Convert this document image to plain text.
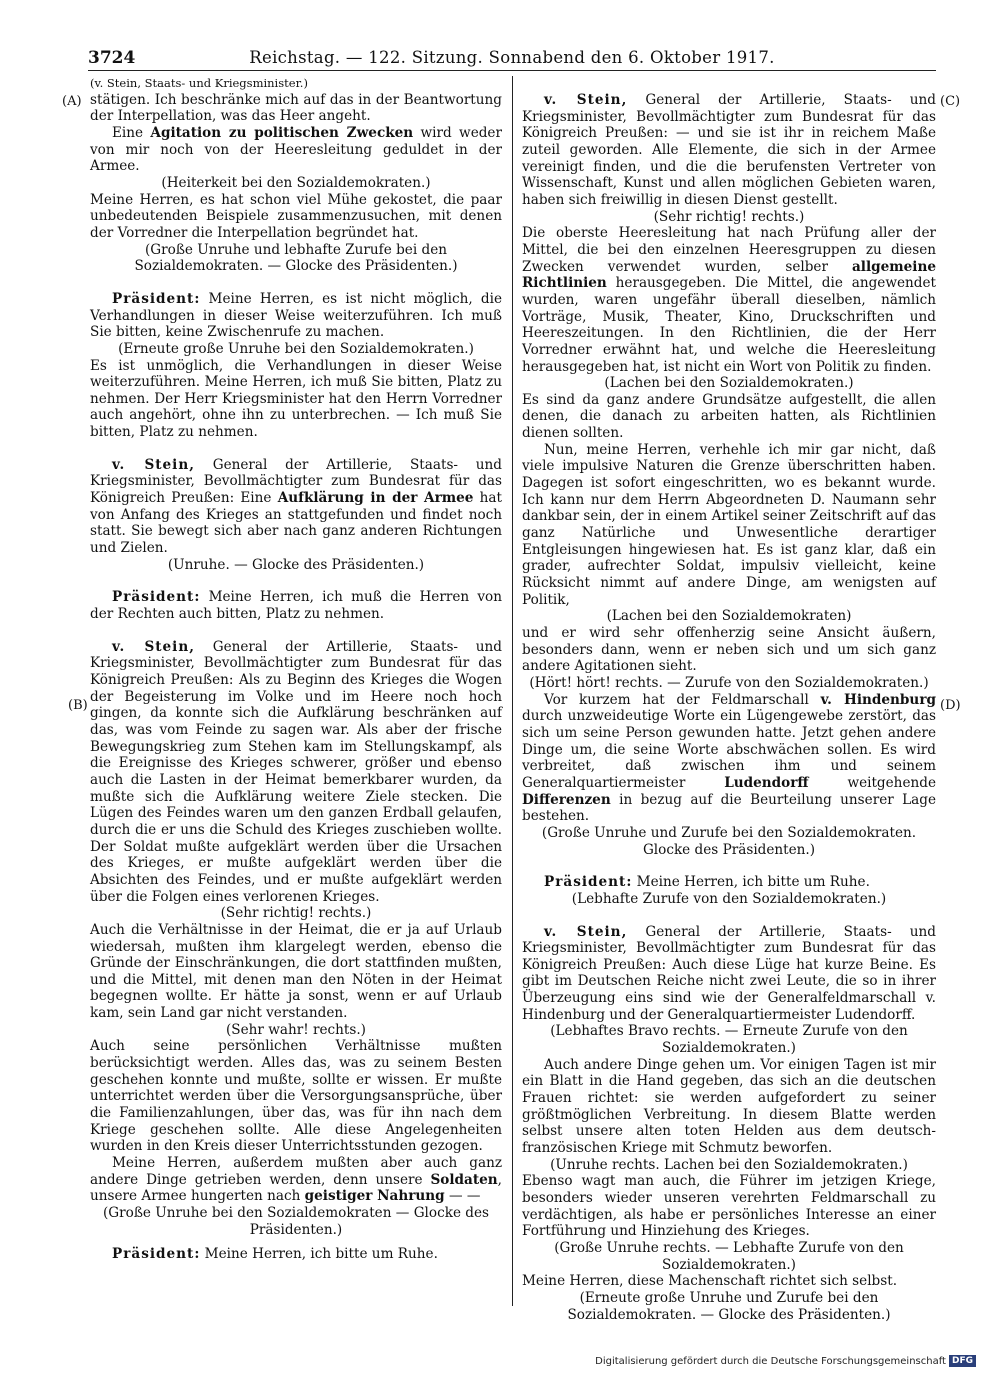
3724	Reichstag. — 122. Sitzung. Sonnabend den 6. Oktober 1917.
(A)
(B)
(C)
(D)

(v. Stein, Staats- und Kriegsminister.)

stätigen. Ich beschränke mich auf das in der Beantwortung der Interpellation, was das Heer angeht.

Eine Agitation zu politischen Zwecken wird weder von mir noch von der Heeresleitung geduldet in der Armee.

(Heiterkeit bei den Sozialdemokraten.)

Meine Herren, es hat schon viel Mühe gekostet, die paar unbedeutenden Beispiele zusammenzusuchen, mit denen der Vorredner die Interpellation begründet hat.

(Große Unruhe und lebhafte Zurufe bei den Sozialdemokraten. — Glocke des Präsidenten.)

Präsident: Meine Herren, es ist nicht möglich, die Verhandlungen in dieser Weise weiterzuführen. Ich muß Sie bitten, keine Zwischenrufe zu machen.

(Erneute große Unruhe bei den Sozialdemokraten.)

Es ist unmöglich, die Verhandlungen in dieser Weise weiterzuführen. Meine Herren, ich muß Sie bitten, Platz zu nehmen. Der Herr Kriegsminister hat den Herrn Vorredner auch angehört, ohne ihn zu unterbrechen. — Ich muß Sie bitten, Platz zu nehmen.

v. Stein, General der Artillerie, Staats- und Kriegsminister, Bevollmächtigter zum Bundesrat für das Königreich Preußen: Eine Aufklärung in der Armee hat von Anfang des Krieges an stattgefunden und findet noch statt. Sie bewegt sich aber nach ganz anderen Richtungen und Zielen.

(Unruhe. — Glocke des Präsidenten.)

Präsident: Meine Herren, ich muß die Herren von der Rechten auch bitten, Platz zu nehmen.

v. Stein, General der Artillerie, Staats- und Kriegsminister, Bevollmächtigter zum Bundesrat für das Königreich Preußen: Als zu Beginn des Krieges die Wogen der Begeisterung im Volke und im Heere noch hoch gingen, da konnte sich die Aufklärung beschränken auf das, was vom Feinde zu sagen war. Als aber der frische Bewegungskrieg zum Stehen kam im Stellungskampf, als die Ereignisse des Krieges schwerer, größer und ebenso auch die Lasten in der Heimat bemerkbarer wurden, da mußte sich die Aufklärung weitere Ziele stecken. Die Lügen des Feindes waren um den ganzen Erdball gelaufen, durch die er uns die Schuld des Krieges zuschieben wollte. Der Soldat mußte aufgeklärt werden über die Ursachen des Krieges, er mußte aufgeklärt werden über die Absichten des Feindes, und er mußte aufgeklärt werden über die Folgen eines verlorenen Krieges.

(Sehr richtig! rechts.)

Auch die Verhältnisse in der Heimat, die er ja auf Urlaub wiedersah, mußten ihm klargelegt werden, ebenso die Gründe der Einschränkungen, die dort stattfinden mußten, und die Mittel, mit denen man den Nöten in der Heimat begegnen wollte. Er hätte ja sonst, wenn er auf Urlaub kam, sein Land gar nicht verstanden.

(Sehr wahr! rechts.)

Auch seine persönlichen Verhältnisse mußten berücksichtigt werden. Alles das, was zu seinem Besten geschehen konnte und mußte, sollte er wissen. Er mußte unterrichtet werden über die Versorgungsansprüche, über die Familienzahlungen, über das, was für ihn nach dem Kriege geschehen sollte. Alle diese Angelegenheiten wurden in den Kreis dieser Unterrichtsstunden gezogen.

Meine Herren, außerdem mußten aber auch ganz andere Dinge getrieben werden, denn unsere Soldaten, unsere Armee hungerten nach geistiger Nahrung — —

(Große Unruhe bei den Sozialdemokraten — Glocke des Präsidenten.)

Präsident: Meine Herren, ich bitte um Ruhe.

v. Stein, General der Artillerie, Staats- und Kriegsminister, Bevollmächtigter zum Bundesrat für das Königreich Preußen: — und sie ist ihr in reichem Maße zuteil geworden. Alle Elemente, die sich in der Armee vereinigt finden, und die die berufensten Vertreter von Wissenschaft, Kunst und allen möglichen Gebieten waren, haben sich freiwillig in diesen Dienst gestellt.

(Sehr richtig! rechts.)

Die oberste Heeresleitung hat nach Prüfung aller der Mittel, die bei den einzelnen Heeresgruppen zu diesen Zwecken verwendet wurden, selber allgemeine Richtlinien herausgegeben. Die Mittel, die angewendet wurden, waren ungefähr überall dieselben, nämlich Vorträge, Musik, Theater, Kino, Druckschriften und Heereszeitungen. In den Richtlinien, die der Herr Vorredner erwähnt hat, und welche die Heeresleitung herausgegeben hat, ist nicht ein Wort von Politik zu finden.

(Lachen bei den Sozialdemokraten.)

Es sind da ganz andere Grundsätze aufgestellt, die allen denen, die danach zu arbeiten hatten, als Richtlinien dienen sollten.

Nun, meine Herren, verhehle ich mir gar nicht, daß viele impulsive Naturen die Grenze überschritten haben. Dagegen ist sofort eingeschritten, wo es bekannt wurde. Ich kann nur dem Herrn Abgeordneten D. Naumann sehr dankbar sein, der in einem Artikel seiner Zeitschrift auf das ganz Natürliche und Unwesentliche derartiger Entgleisungen hingewiesen hat. Es ist ganz klar, daß ein grader, aufrechter Soldat, impulsiv vielleicht, keine Rücksicht nimmt auf andere Dinge, am wenigsten auf Politik,

(Lachen bei den Sozialdemokraten)

und er wird sehr offenherzig seine Ansicht äußern, besonders dann, wenn er neben sich und um sich ganz andere Agitationen sieht.

(Hört! hört! rechts. — Zurufe von den Sozialdemokraten.)

Vor kurzem hat der Feldmarschall v. Hindenburg durch unzweideutige Worte ein Lügengewebe zerstört, das sich um seine Person gewunden hatte. Jetzt gehen andere Dinge um, die seine Worte abschwächen sollen. Es wird verbreitet, daß zwischen ihm und seinem Generalquartiermeister Ludendorff weitgehende Differenzen in bezug auf die Beurteilung unserer Lage bestehen.

(Große Unruhe und Zurufe bei den Sozialdemokraten. Glocke des Präsidenten.)

Präsident: Meine Herren, ich bitte um Ruhe.

(Lebhafte Zurufe von den Sozialdemokraten.)

v. Stein, General der Artillerie, Staats- und Kriegsminister, Bevollmächtigter zum Bundesrat für das Königreich Preußen: Auch diese Lüge hat kurze Beine. Es gibt im Deutschen Reiche nicht zwei Leute, die so in ihrer Überzeugung eins sind wie der Generalfeldmarschall v. Hindenburg und der Generalquartiermeister Ludendorff.

(Lebhaftes Bravo rechts. — Erneute Zurufe von den Sozialdemokraten.)

Auch andere Dinge gehen um. Vor einigen Tagen ist mir ein Blatt in die Hand gegeben, das sich an die deutschen Frauen richtet: sie werden aufgefordert zu seiner größtmöglichen Verbreitung. In diesem Blatte werden selbst unsere alten toten Helden aus dem deutsch-französischen Kriege mit Schmutz beworfen.

(Unruhe rechts. Lachen bei den Sozialdemokraten.)

Ebenso wagt man auch, die Führer im jetzigen Kriege, besonders wieder unseren verehrten Feldmarschall zu verdächtigen, als habe er persönliches Interesse an einer Fortführung und Hinziehung des Krieges.

(Große Unruhe rechts. — Lebhafte Zurufe von den Sozialdemokraten.)

Meine Herren, diese Machenschaft richtet sich selbst.

(Erneute große Unruhe und Zurufe bei den Sozialdemokraten. — Glocke des Präsidenten.)

Digitalisierung gefördert durch die Deutsche Forschungsgemeinschaft DFG
